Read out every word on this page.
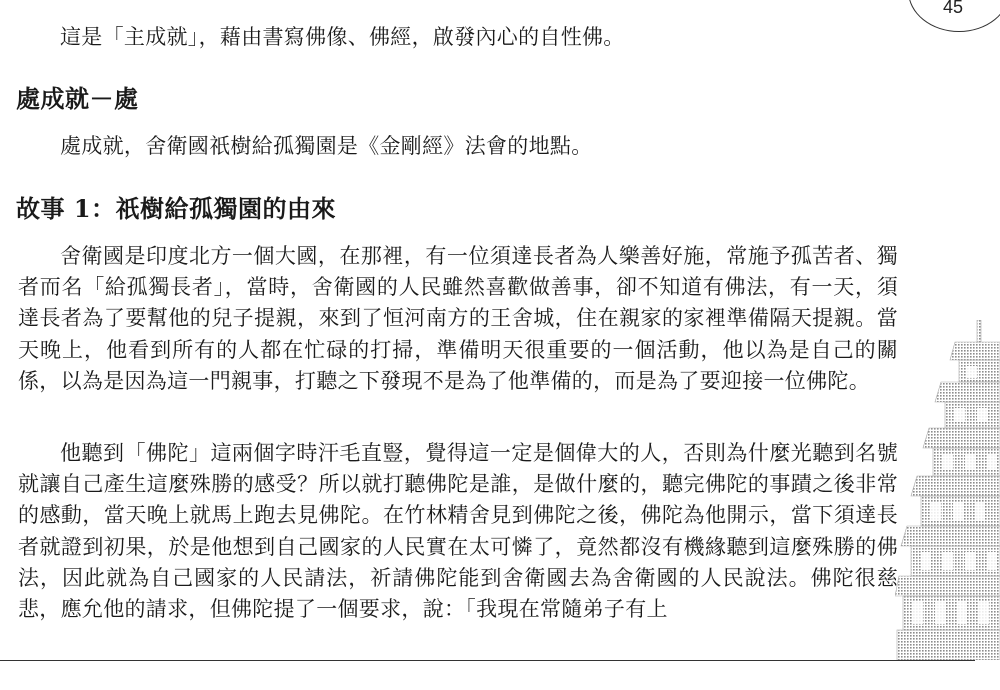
45

這是「主成就」，藉由書寫佛像、佛經，啟發內心的自性佛。

處成就－處

處成就，舍衛國祇樹給孤獨園是《金剛經》法會的地點。

故事 1：祇樹給孤獨園的由來

舍衛國是印度北方一個大國，在那裡，有一位須達長者為人樂善好施，常施予孤苦者、獨者而名「給孤獨長者」，當時，舍衛國的人民雖然喜歡做善事，卻不知道有佛法，有一天，須達長者為了要幫他的兒子提親，來到了恒河南方的王舍城，住在親家的家裡準備隔天提親。當天晚上，他看到所有的人都在忙碌的打掃，準備明天很重要的一個活動，他以為是自己的關係，以為是因為這一門親事，打聽之下發現不是為了他準備的，而是為了要迎接一位佛陀。

他聽到「佛陀」這兩個字時汗毛直豎，覺得這一定是個偉大的人，否則為什麼光聽到名號就讓自己產生這麼殊勝的感受？所以就打聽佛陀是誰，是做什麼的，聽完佛陀的事蹟之後非常的感動，當天晚上就馬上跑去見佛陀。在竹林精舍見到佛陀之後，佛陀為他開示，當下須達長者就證到初果，於是他想到自己國家的人民實在太可憐了，竟然都沒有機緣聽到這麼殊勝的佛法，因此就為自己國家的人民請法，祈請佛陀能到舍衛國去為舍衛國的人民說法。佛陀很慈悲，應允他的請求，但佛陀提了一個要求，說：「我現在常隨弟子有上
